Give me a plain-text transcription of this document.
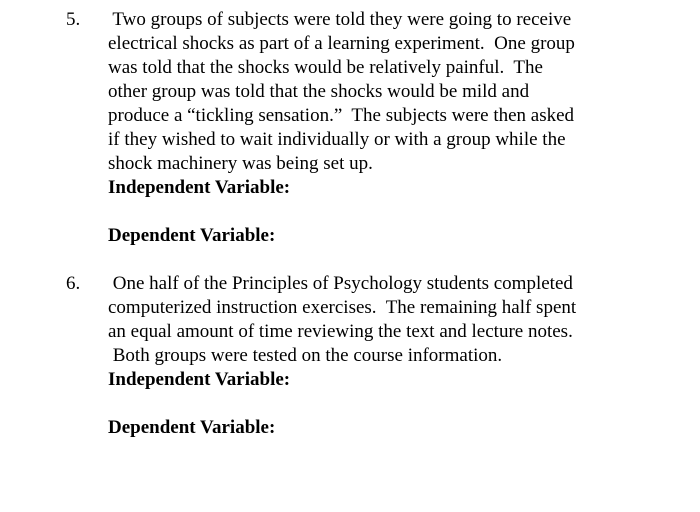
5. Two groups of subjects were told they were going to receive
electrical shocks as part of a learning experiment.  One group
was told that the shocks would be relatively painful.  The
other group was told that the shocks would be mild and
produce a “tickling sensation.”  The subjects were then asked
if they wished to wait individually or with a group while the
shock machinery was being set up.
Independent Variable:
Dependent Variable:
6. One half of the Principles of Psychology students completed
computerized instruction exercises.  The remaining half spent
an equal amount of time reviewing the text and lecture notes.
Both groups were tested on the course information.
Independent Variable:
Dependent Variable:
